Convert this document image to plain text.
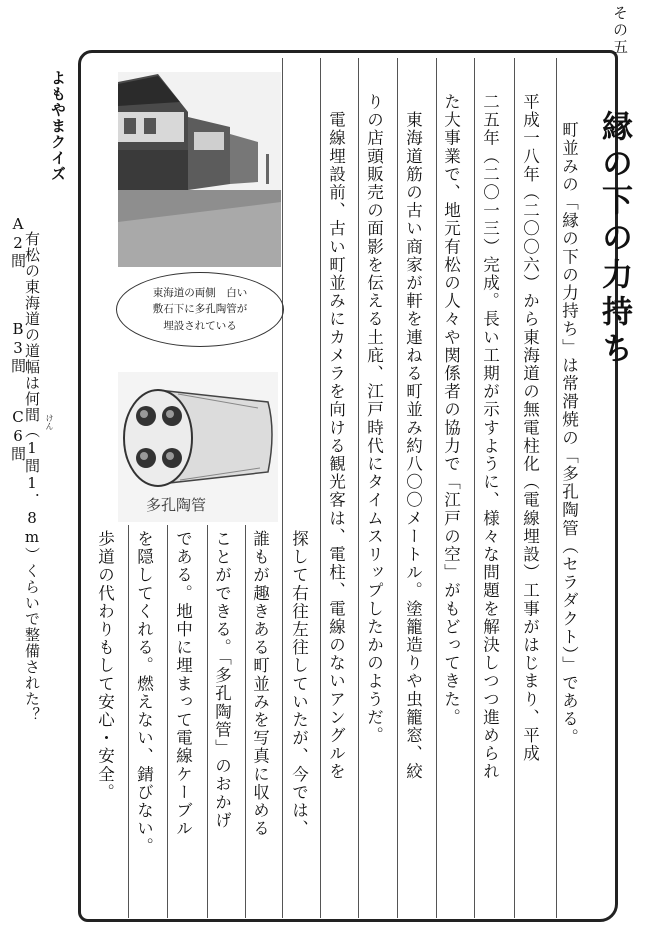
その五
縁の下の力持ち
　町並みの「縁の下の力持ち」は常滑焼の「多孔陶管（セラダクト）」である。
平成一八年（二〇〇六）から東海道の無電柱化（電線埋設）工事がはじまり、平成
二五年（二〇一三）完成。長い工期が示すように、様々な問題を解決しつつ進められ
た大事業で、地元有松の人々や関係者の協力で「江戸の空」がもどってきた。
　東海道筋の古い商家が軒を連ねる町並み約八〇〇メートル。塗籠造りや虫籠窓、絞
りの店頭販売の面影を伝える土庇、江戸時代にタイムスリップしたかのようだ。
　電線埋設前、古い町並みにカメラを向ける観光客は、電柱、電線のないアングルを
探して右往左往していたが、今では、
誰もが趣きある町並みを写真に収める
ことができる。「多孔陶管」のおかげ
である。地中に埋まって電線ケーブル
を隠してくれる。燃えない、錆びない。
歩道の代わりもして安心・安全。
東海道の両側　白い
敷石下に多孔陶管が
埋設されている
多孔陶管
よもやまクイズ
　有松の東海道の道幅は何間（1間1．8m）くらいで整備された？
A2間
B3間
C6間 けん
